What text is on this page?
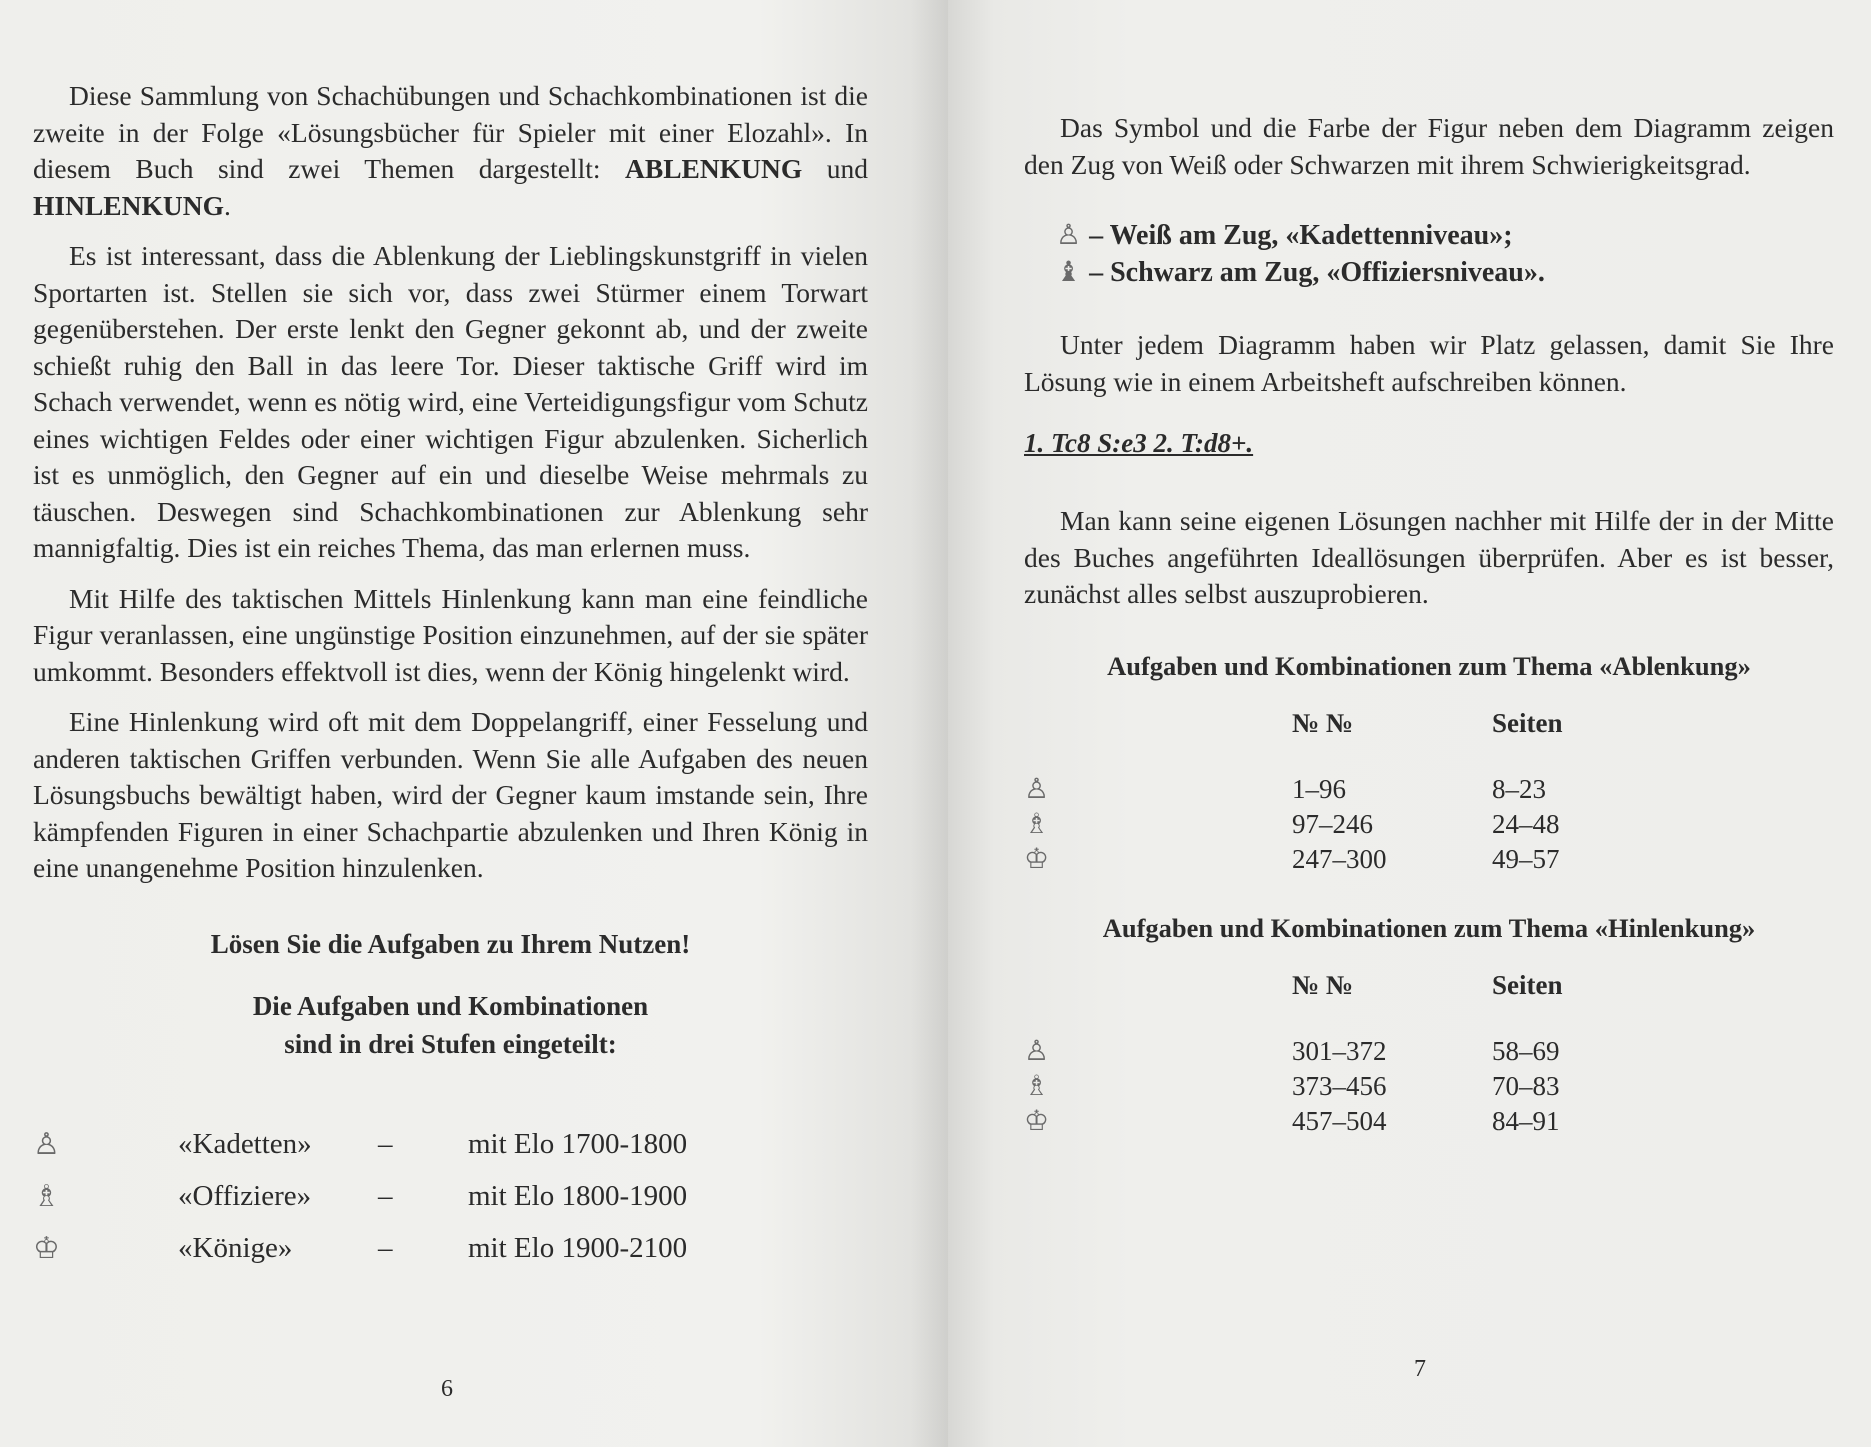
Diese Sammlung von Schachübungen und Schachkombinationen ist die zweite in der Folge «Lösungsbücher für Spieler mit einer Elozahl». In diesem Buch sind zwei Themen dargestellt: ABLENKUNG und HINLENKUNG.

Es ist interessant, dass die Ablenkung der Lieblingskunstgriff in vielen Sportarten ist. Stellen sie sich vor, dass zwei Stürmer einem Torwart gegenüberstehen. Der erste lenkt den Gegner gekonnt ab, und der zweite schießt ruhig den Ball in das leere Tor. Dieser taktische Griff wird im Schach verwendet, wenn es nötig wird, eine Verteidigungsfigur vom Schutz eines wichtigen Feldes oder einer wichtigen Figur abzulenken. Sicherlich ist es unmöglich, den Gegner auf ein und dieselbe Weise mehrmals zu täuschen. Deswegen sind Schachkombinationen zur Ablenkung sehr mannigfaltig. Dies ist ein reiches Thema, das man erlernen muss.

Mit Hilfe des taktischen Mittels Hinlenkung kann man eine feindliche Figur veranlassen, eine ungünstige Position einzunehmen, auf der sie später umkommt. Besonders effektvoll ist dies, wenn der König hingelenkt wird.

Eine Hinlenkung wird oft mit dem Doppelangriff, einer Fesselung und anderen taktischen Griffen verbunden. Wenn Sie alle Aufgaben des neuen Lösungsbuchs bewältigt haben, wird der Gegner kaum imstande sein, Ihre kämpfenden Figuren in einer Schachpartie abzulenken und Ihren König in eine unangenehme Position hinzulenken.

Lösen Sie die Aufgaben zu Ihrem Nutzen!

Die Aufgaben und Kombinationen

sind in drei Stufen eingeteilt:

♙	«Kadetten»	–	mit Elo 1700-1800
♗	«Offiziere»	–	mit Elo 1800-1900
♔	«Könige»	–	mit Elo 1900-2100
6

Das Symbol und die Farbe der Figur neben dem Diagramm zeigen den Zug von Weiß oder Schwarzen mit ihrem Schwierigkeitsgrad.

♙ – Weiß am Zug, «Kadettenniveau»;
♝ – Schwarz am Zug, «Offiziersniveau».

Unter jedem Diagramm haben wir Platz gelassen, damit Sie Ihre Lösung wie in einem Arbeitsheft aufschreiben können.

1. Tc8 S:e3 2. T:d8+.

Man kann seine eigenen Lösungen nachher mit Hilfe der in der Mitte des Buches angeführten Ideallösungen überprüfen. Aber es ist besser, zunächst alles selbst auszuprobieren.

Aufgaben und Kombinationen zum Thema «Ablenkung»

№ №	Seiten
♙	1–96	8–23
♗	97–246	24–48
♔	247–300	49–57

Aufgaben und Kombinationen zum Thema «Hinlenkung»

№ №	Seiten
♙	301–372	58–69
♗	373–456	70–83
♔	457–504	84–91
7
